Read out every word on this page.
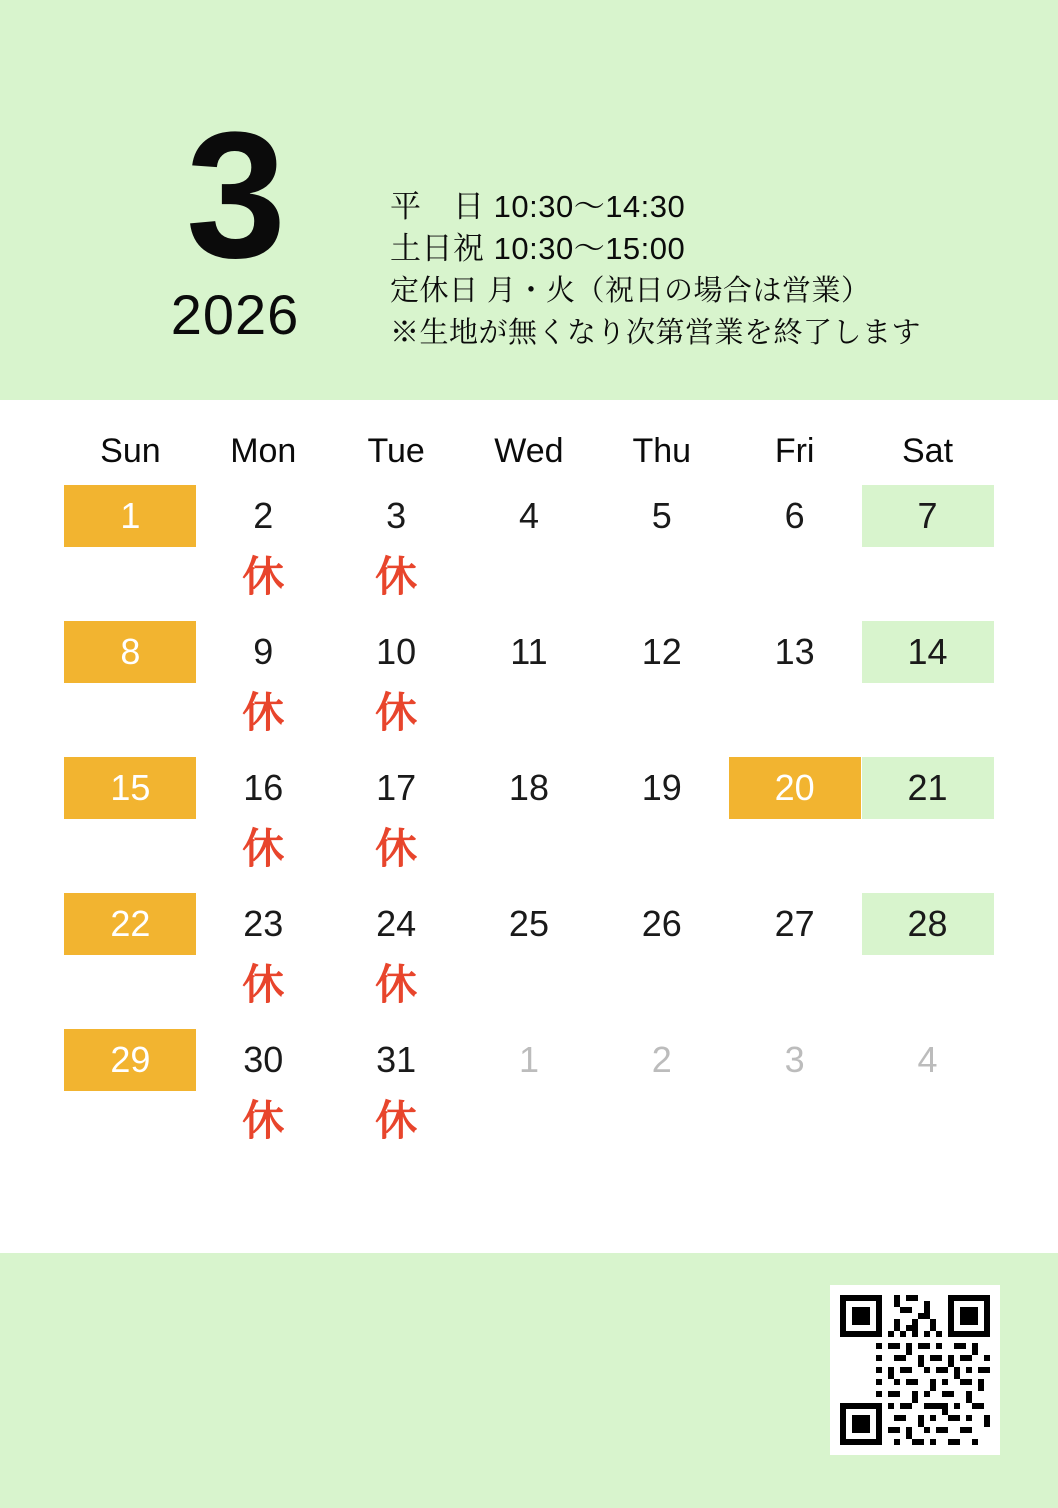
3
2026
平　日 10:30〜14:30
土日祝 10:30〜15:00
定休日 月・火（祝日の場合は営業）
※生地が無くなり次第営業を終了します
Sun	Mon	Tue	Wed	Thu	Fri	Sat

1	2	3	4	5	6	7

	休	休				

8	9	10	11	12	13	14

	休	休				

15	16	17	18	19	20	21

	休	休				

22	23	24	25	26	27	28

	休	休				

29	30	31	1	2	3	4

	休	休				
